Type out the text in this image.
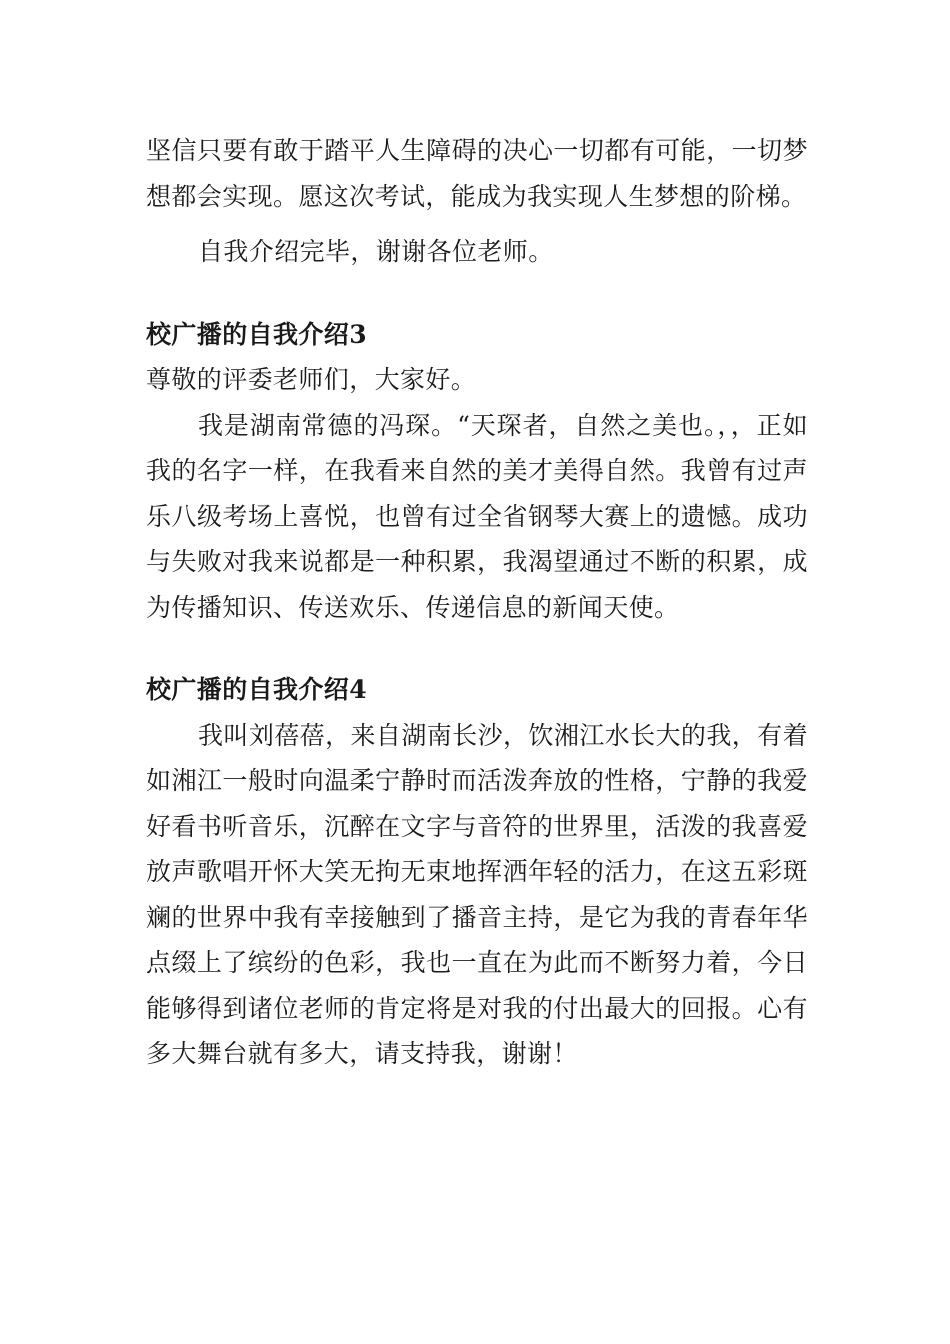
坚信只要有敢于踏平人生障碍的决心一切都有可能，一切梦想都会实现。愿这次考试，能成为我实现人生梦想的阶梯。

自我介绍完毕，谢谢各位老师。

校广播的自我介绍3

尊敬的评委老师们，大家好。

我是湖南常德的冯琛。“天琛者，自然之美也。，，正如我的名字一样，在我看来自然的美才美得自然。我曾有过声乐八级考场上喜悦，也曾有过全省钢琴大赛上的遗憾。成功与失败对我来说都是一种积累，我渴望通过不断的积累，成为传播知识、传送欢乐、传递信息的新闻天使。

校广播的自我介绍4

我叫刘蓓蓓，来自湖南长沙，饮湘江水长大的我，有着如湘江一般时向温柔宁静时而活泼奔放的性格，宁静的我爱好看书听音乐，沉醉在文字与音符的世界里，活泼的我喜爱放声歌唱开怀大笑无拘无束地挥洒年轻的活力，在这五彩斑斓的世界中我有幸接触到了播音主持，是它为我的青春年华点缀上了缤纷的色彩，我也一直在为此而不断努力着，今日能够得到诸位老师的肯定将是对我的付出最大的回报。心有多大舞台就有多大，请支持我，谢谢！
